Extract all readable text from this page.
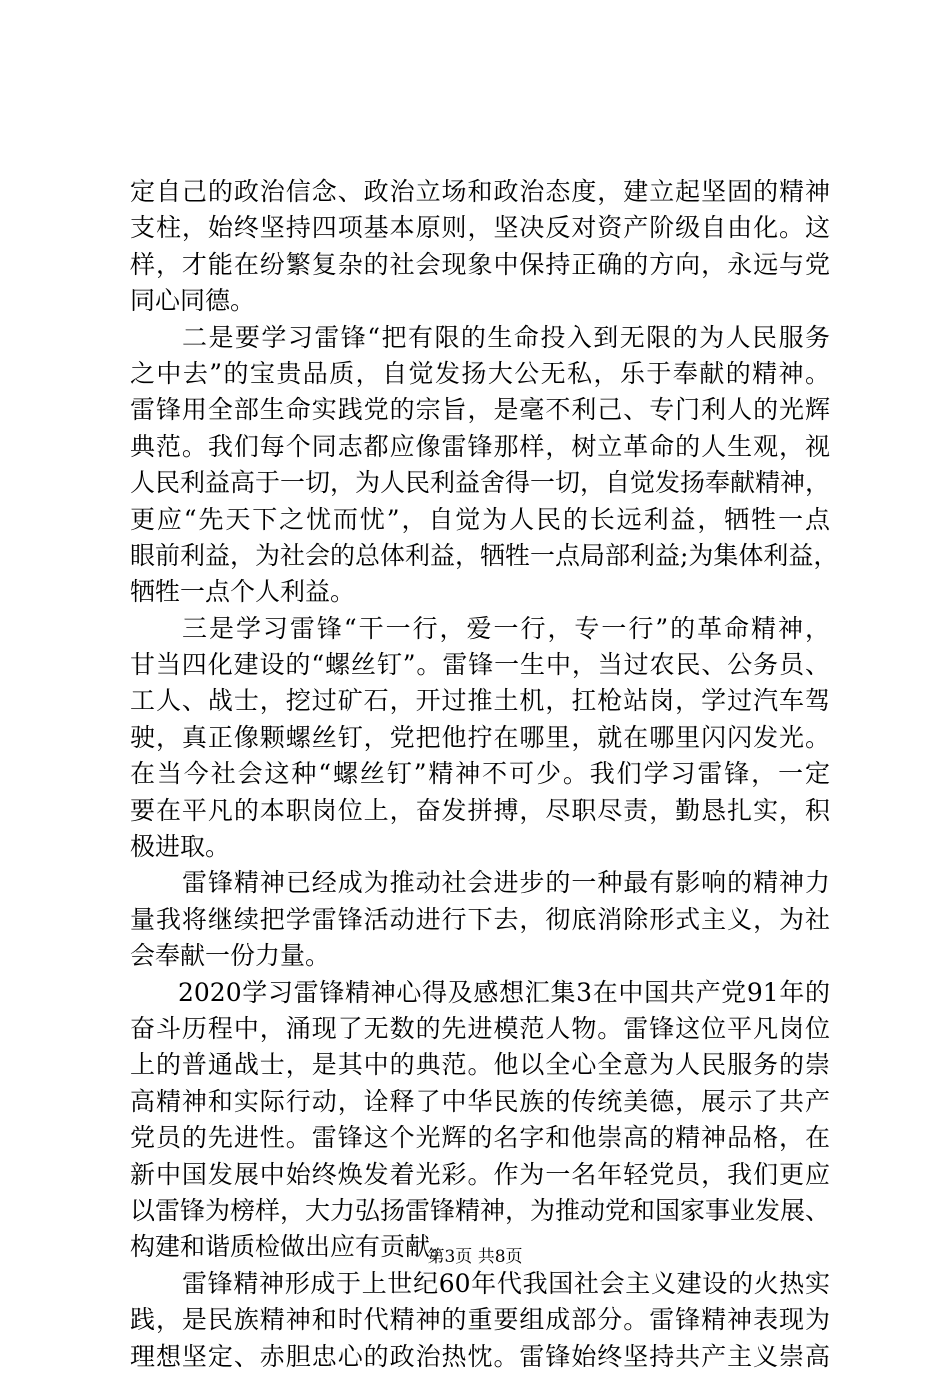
定自己的政治信念、政治立场和政治态度，建立起坚固的精神
支柱，始终坚持四项基本原则，坚决反对资产阶级自由化。这
样，才能在纷繁复杂的社会现象中保持正确的方向，永远与党
同心同德。
二是要学习雷锋“把有限的生命投入到无限的为人民服务
之中去”的宝贵品质，自觉发扬大公无私，乐于奉献的精神。
雷锋用全部生命实践党的宗旨，是毫不利己、专门利人的光辉
典范。我们每个同志都应像雷锋那样，树立革命的人生观，视
人民利益高于一切，为人民利益舍得一切，自觉发扬奉献精神，
更应“先天下之忧而忧”，自觉为人民的长远利益，牺牲一点
眼前利益，为社会的总体利益，牺牲一点局部利益;为集体利益，
牺牲一点个人利益。
三是学习雷锋“干一行，爱一行，专一行”的革命精神，
甘当四化建设的“螺丝钉”。雷锋一生中，当过农民、公务员、
工人、战士，挖过矿石，开过推土机，扛枪站岗，学过汽车驾
驶，真正像颗螺丝钉，党把他拧在哪里，就在哪里闪闪发光。
在当今社会这种“螺丝钉”精神不可少。我们学习雷锋，一定
要在平凡的本职岗位上，奋发拼搏，尽职尽责，勤恳扎实，积
极进取。
雷锋精神已经成为推动社会进步的一种最有影响的精神力
量我将继续把学雷锋活动进行下去，彻底消除形式主义，为社
会奉献一份力量。
2020学习雷锋精神心得及感想汇集3在中国共产党91年的
奋斗历程中，涌现了无数的先进模范人物。雷锋这位平凡岗位
上的普通战士，是其中的典范。他以全心全意为人民服务的崇
高精神和实际行动，诠释了中华民族的传统美德，展示了共产
党员的先进性。雷锋这个光辉的名字和他崇高的精神品格，在
新中国发展中始终焕发着光彩。作为一名年轻党员，我们更应
以雷锋为榜样，大力弘扬雷锋精神，为推动党和国家事业发展、
构建和谐质检做出应有贡献。
雷锋精神形成于上世纪60年代我国社会主义建设的火热实
践，是民族精神和时代精神的重要组成部分。雷锋精神表现为
理想坚定、赤胆忠心的政治热忱。雷锋始终坚持共产主义崇高
第3页 共8页
